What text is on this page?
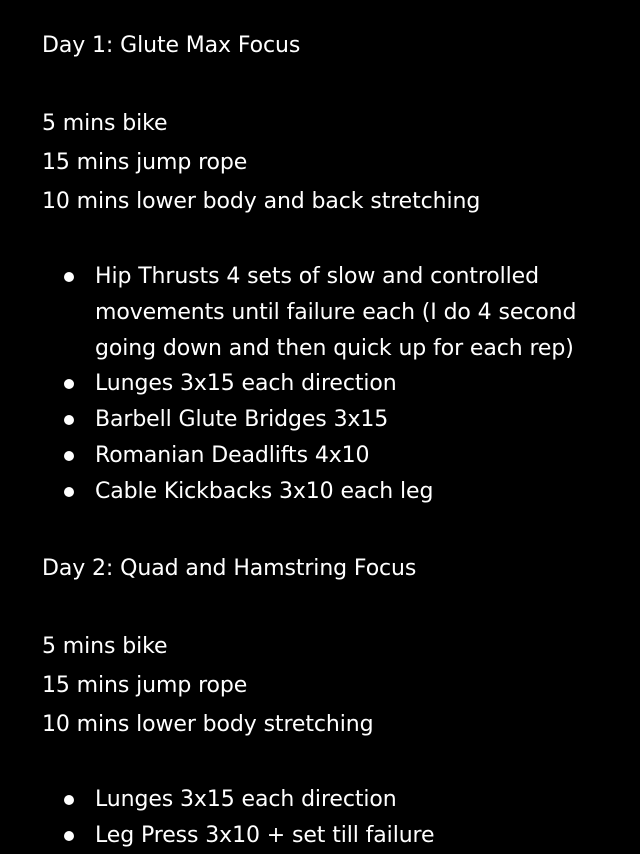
Day 1: Glute Max Focus
5 mins bike
15 mins jump rope
10 mins lower body and back stretching
Hip Thrusts 4 sets of slow and controlled
movements until failure each (I do 4 second
going down and then quick up for each rep)
Lunges 3x15 each direction
Barbell Glute Bridges 3x15
Romanian Deadlifts 4x10
Cable Kickbacks 3x10 each leg
Day 2: Quad and Hamstring Focus
5 mins bike
15 mins jump rope
10 mins lower body stretching
Lunges 3x15 each direction
Leg Press 3x10 + set till failure
